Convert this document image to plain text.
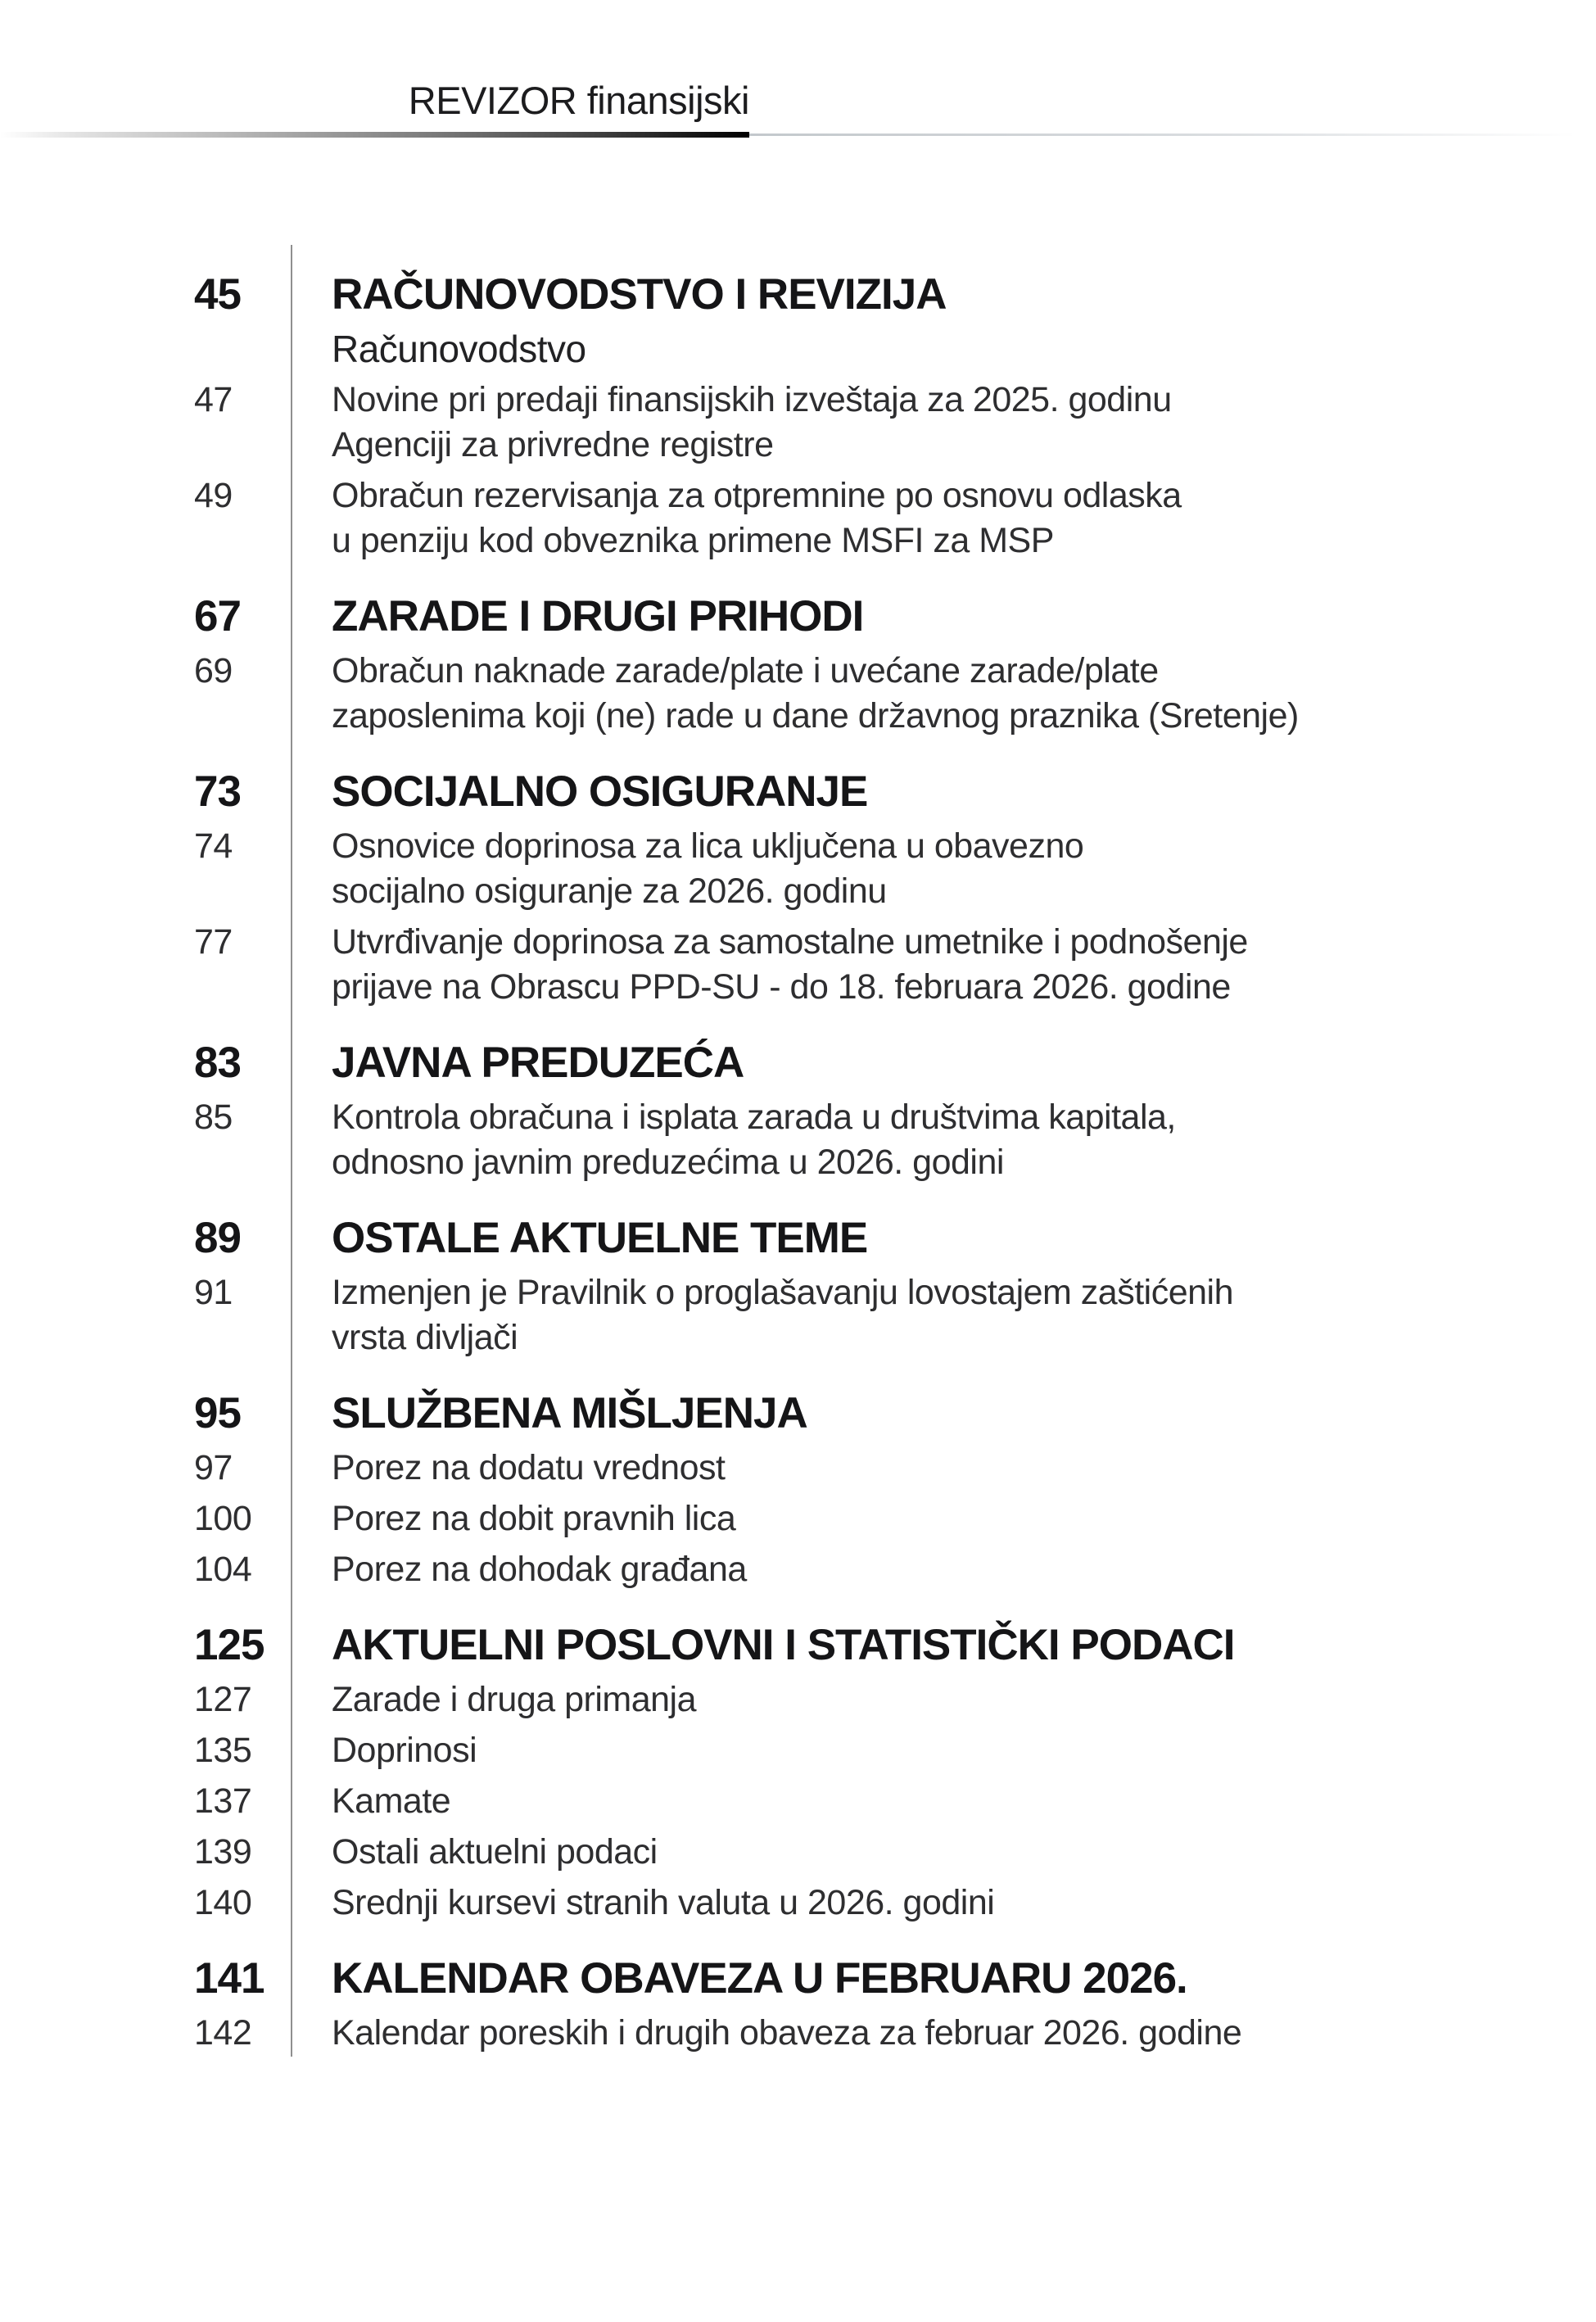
REVIZOR finansijski
45	RAČUNOVODSTVO I REVIZIJA
Računovodstvo
47	Novine pri predaji finansijskih izveštaja za 2025. godinu
Agenciji za privredne registre
49	Obračun rezervisanja za otpremnine po osnovu odlaska
u penziju kod obveznika primene MSFI za MSP
67	ZARADE I DRUGI PRIHODI
69	Obračun naknade zarade/plate i uvećane zarade/plate
zaposlenima koji (ne) rade u dane državnog praznika (Sretenje)
73	SOCIJALNO OSIGURANJE
74	Osnovice doprinosa za lica uključena u obavezno
socijalno osiguranje za 2026. godinu
77	Utvrđivanje doprinosa za samostalne umetnike i podnošenje
prijave na Obrascu PPD-SU - do 18. februara 2026. godine
83	JAVNA PREDUZEĆA
85	Kontrola obračuna i isplata zarada u društvima kapitala,
odnosno javnim preduzećima u 2026. godini
89	OSTALE AKTUELNE TEME
91	Izmenjen je Pravilnik o proglašavanju lovostajem zaštićenih
vrsta divljači
95	SLUŽBENA MIŠLJENJA
97	Porez na dodatu vrednost
100	Porez na dobit pravnih lica
104	Porez na dohodak građana
125	AKTUELNI POSLOVNI I STATISTIČKI PODACI
127	Zarade i druga primanja
135	Doprinosi
137	Kamate
139	Ostali aktuelni podaci
140	Srednji kursevi stranih valuta u 2026. godini
141	KALENDAR OBAVEZA U FEBRUARU 2026.
142	Kalendar poreskih i drugih obaveza za februar 2026. godine
